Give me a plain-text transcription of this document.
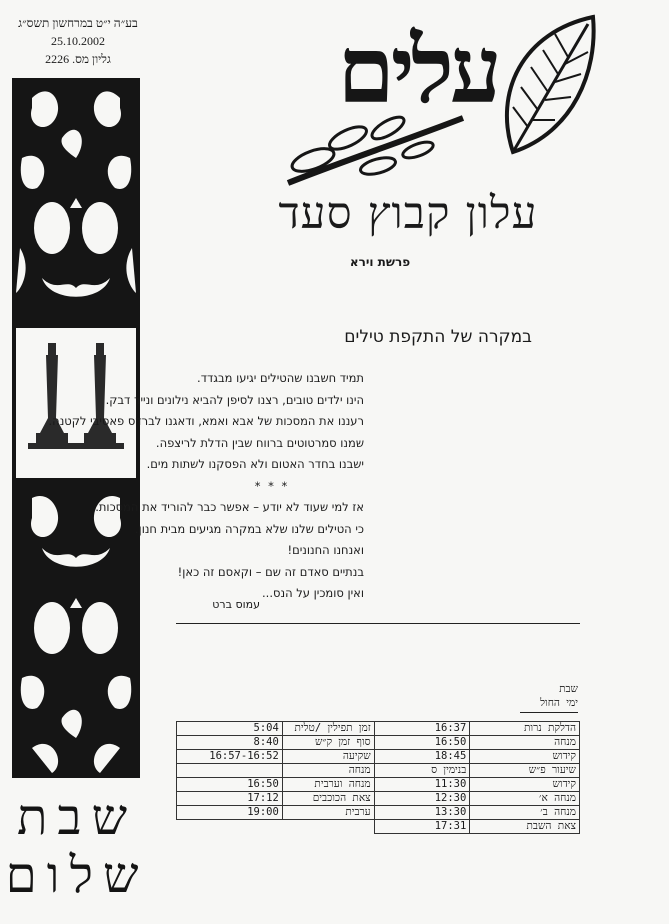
בע״ה י״ט במרחשון תשס״ג
25.10.2002
גליון מס. 2226
שבת
שלום
עלים
עלון קבוץ סעד
פרשת וירא
במקרה של התקפת טילים
תמיד חשבנו שהטילים יגיעו מבגדד.
הינו ילדים טובים, רצנו לסיפן להביא נילונים ונייר דבק.
רעננו את המסכות של אבא ואמא, ודאגנו לברדס פאסיבי לקטנה.
שמנו סמרטוטים ברווח שבין הדלת לריצפה.
ישבנו בחדר האטום ולא הפסקנו לשתות מים.
* * *
אז למי שעוד לא יודע – אפשר כבר להוריד את המסכות.
כי הטילים שלנו שלא במקרה מגיעים מבית חנון.
ואנחנו החנונים!
בנתיים סאדם זה שם – וקאסם זה כאן!
ואין סומכין על הנס...
עמוס ברט
שבת
ימי החול
5:04	זמן תפילין /טלית	16:37	הדלקת נרות
8:40	סוף זמן ק״ש	16:50	מנחה
16:57-16:52	שקיעה	18:45	קידוש
	מנחה	בנימין ס	שיעור פ״ש
16:50	מנחה וערבית	11:30	קידוש
17:12	צאת הכוכבים	12:30	מנחה א׳
19:00	ערבית	13:30	מנחה ב׳
		17:31	צאת השבת
